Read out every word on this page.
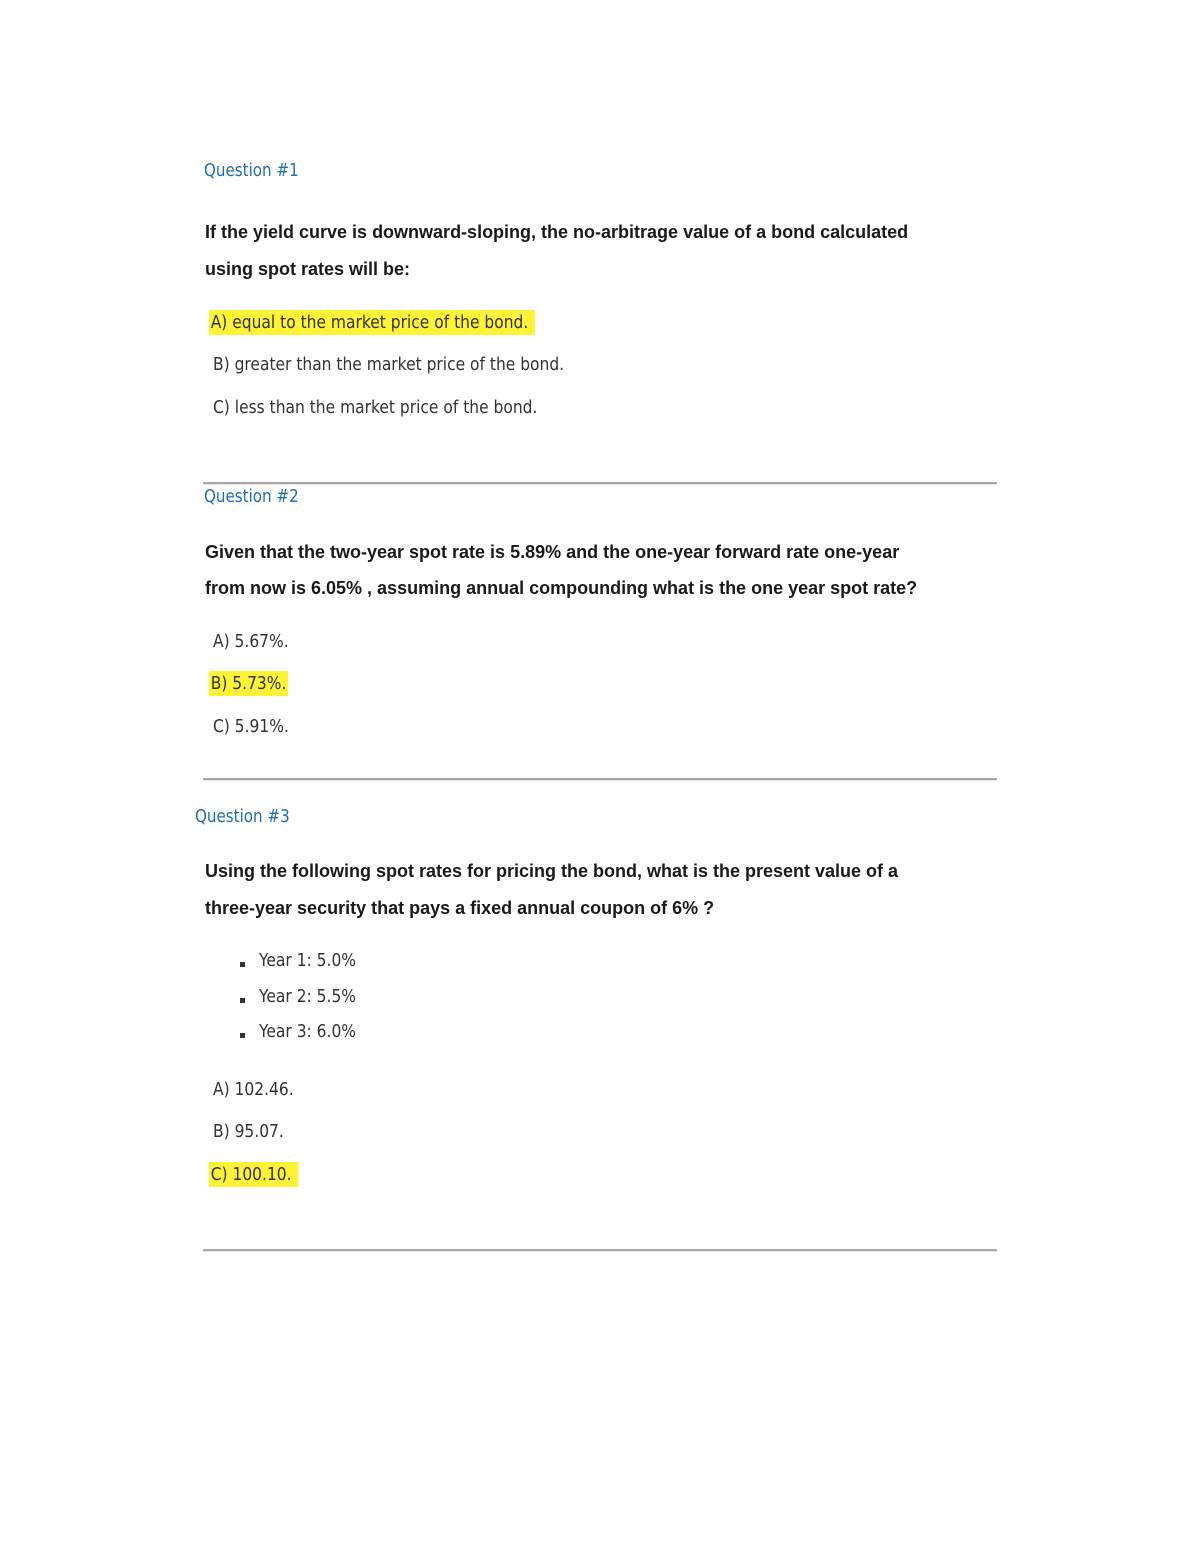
Question #1
If the yield curve is downward-sloping, the no-arbitrage value of a bond calculated
using spot rates will be:
A) equal to the market price of the bond.
B) greater than the market price of the bond.
C) less than the market price of the bond.
Question #2
Given that the two-year spot rate is 5.89% and the one-year forward rate one-year
from now is 6.05% , assuming annual compounding what is the one year spot rate?
A) 5.67%.
B) 5.73%.
C) 5.91%.
Question #3
Using the following spot rates for pricing the bond, what is the present value of a
three-year security that pays a fixed annual coupon of 6% ?
Year 1: 5.0%
Year 2: 5.5%
Year 3: 6.0%
A) 102.46.
B) 95.07.
C) 100.10.
